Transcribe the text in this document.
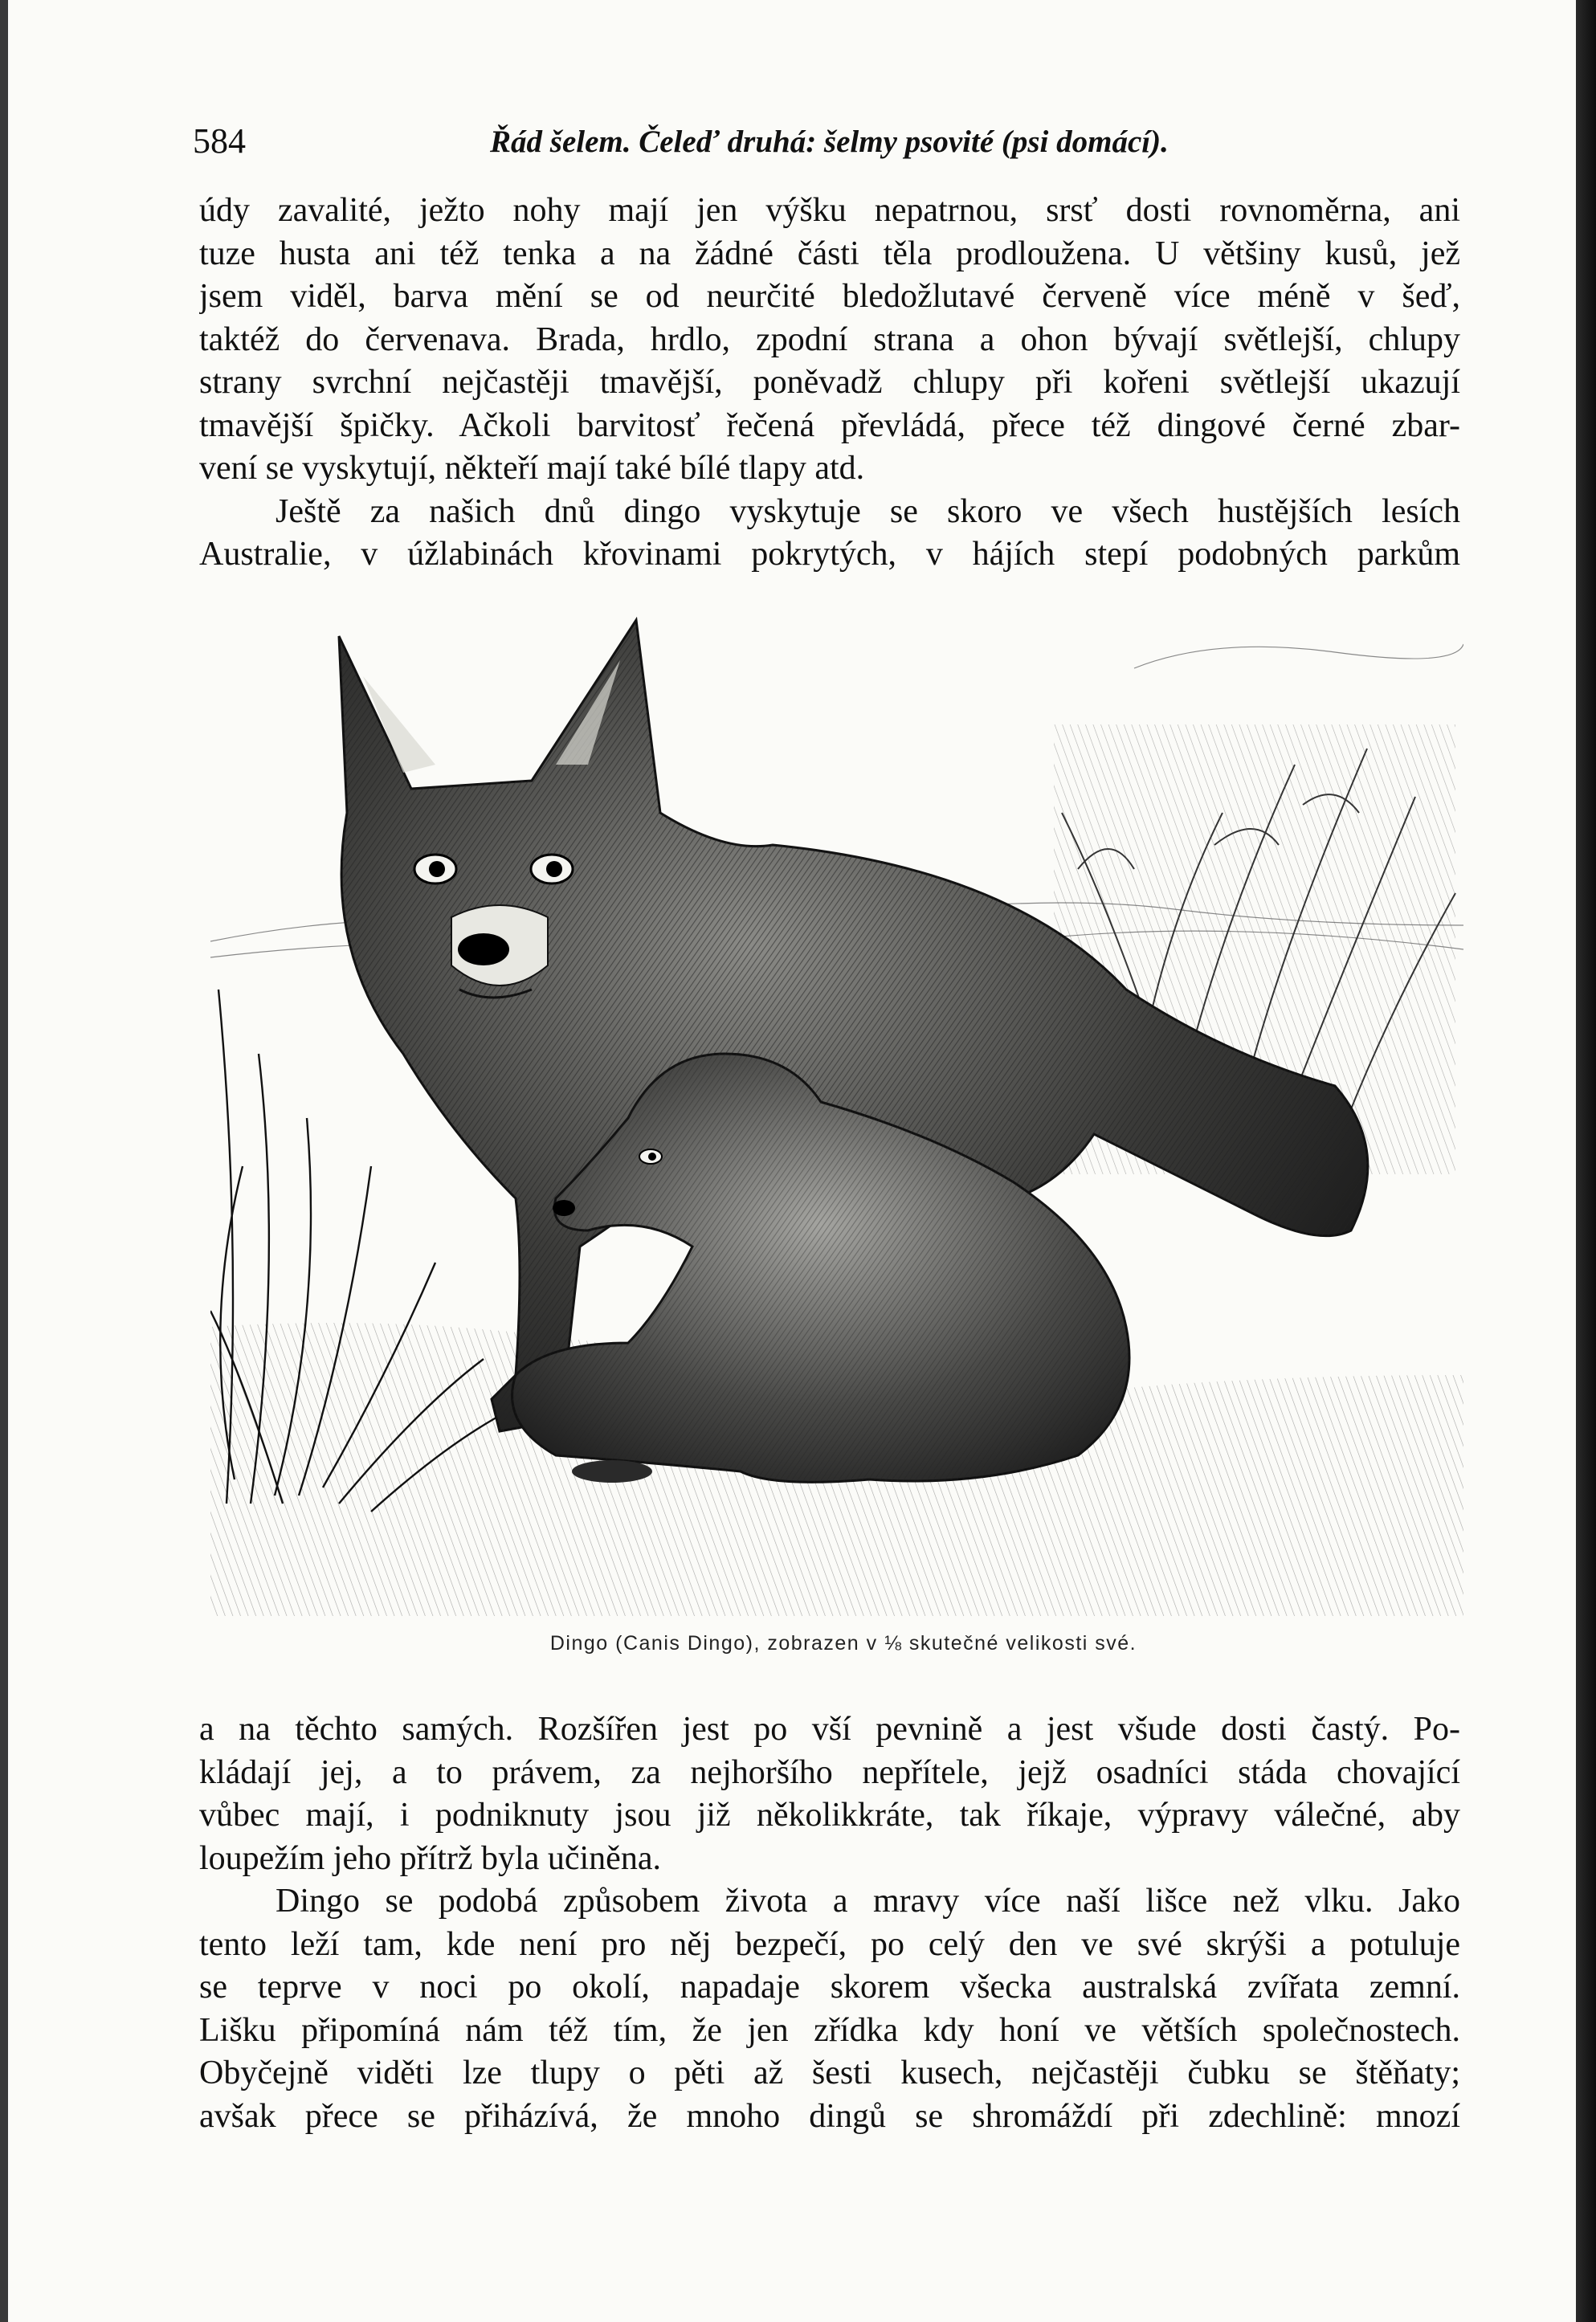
584	Řád šelem. Čeleď druhá: šelmy psovité (psi domácí).
údy zavalité, ježto nohy mají jen výšku nepatrnou, srsť dosti rovnoměrna, ani
tuze husta ani též tenka a na žádné části těla prodloužena. U většiny kusů, jež
jsem viděl, barva mění se od neurčité bledožlutavé červeně více méně v šeď,
taktéž do červenava. Brada, hrdlo, zpodní strana a ohon bývají světlejší, chlupy
strany svrchní nejčastěji tmavější, poněvadž chlupy při kořeni světlejší ukazují
tmavější špičky. Ačkoli barvitosť řečená převládá, přece též dingové černé zbar-
vení se vyskytují, někteří mají také bílé tlapy atd.
Ještě za našich dnů dingo vyskytuje se skoro ve všech hustějších lesích
Australie, v úžlabinách křovinami pokrytých, v hájích stepí podobných parkům
Dingo (Canis Dingo), zobrazen v ⅛ skutečné velikosti své.
a na těchto samých. Rozšířen jest po vší pevnině a jest všude dosti častý. Po-
kládají jej, a to právem, za nejhoršího nepřítele, jejž osadníci stáda chovající
vůbec mají, i podniknuty jsou již několikkráte, tak říkaje, výpravy válečné, aby
loupežím jeho přítrž byla učiněna.
Dingo se podobá způsobem života a mravy více naší lišce než vlku. Jako
tento leží tam, kde není pro něj bezpečí, po celý den ve své skrýši a potuluje
se teprve v noci po okolí, napadaje skorem všecka australská zvířata zemní.
Lišku připomíná nám též tím, že jen zřídka kdy honí ve větších společnostech.
Obyčejně viděti lze tlupy o pěti až šesti kusech, nejčastěji čubku se štěňaty;
avšak přece se přiházívá, že mnoho dingů se shromáždí při zdechlině: mnozí
